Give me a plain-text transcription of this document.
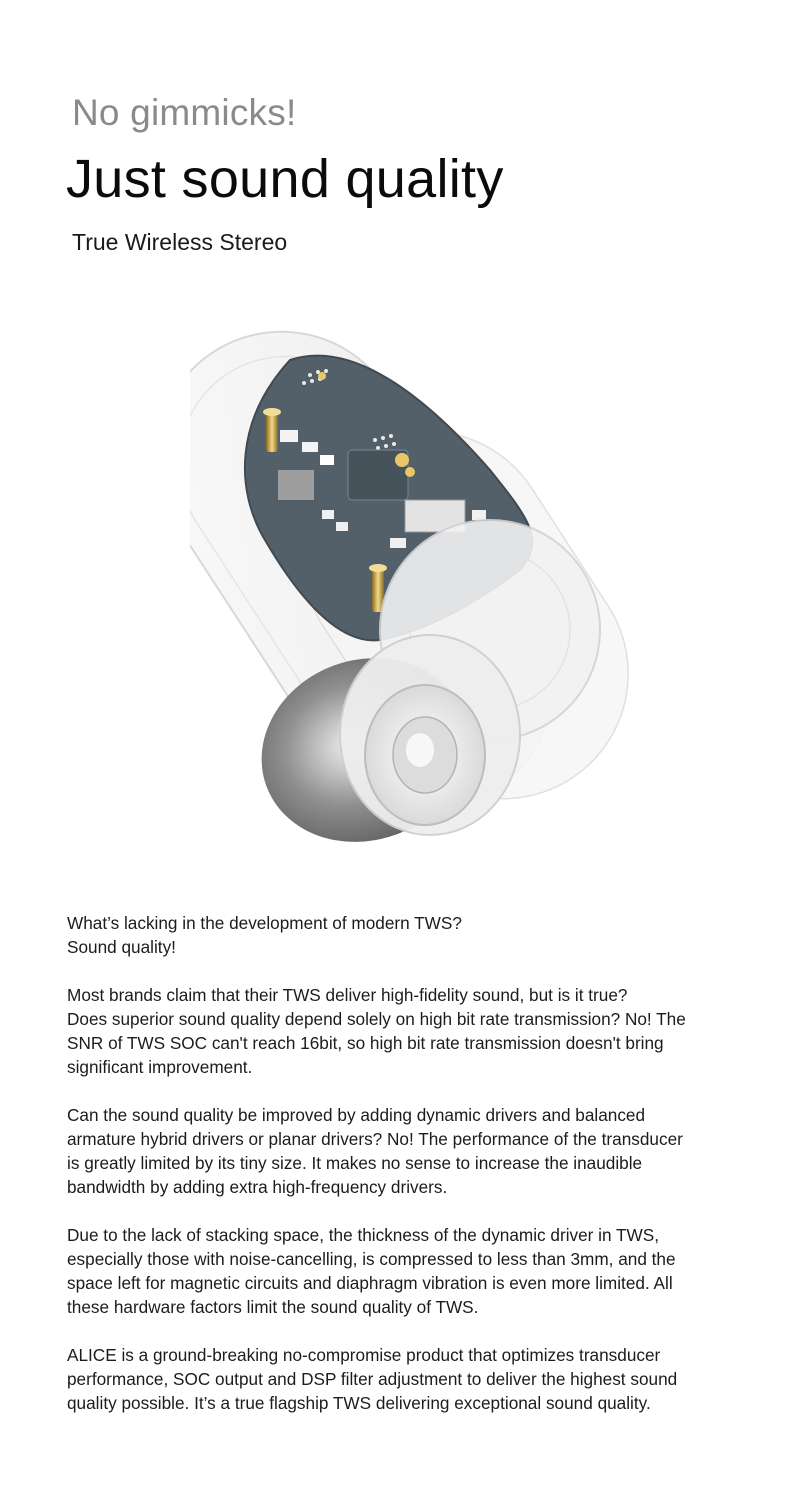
No gimmicks!
Just sound quality
True Wireless Stereo

What’s lacking in the development of modern TWS?
Sound quality!

Most brands claim that their TWS deliver high-fidelity sound, but is it true?
Does superior sound quality depend solely on high bit rate transmission? No! The
SNR of TWS SOC can't reach 16bit, so high bit rate transmission doesn't bring
significant improvement.

Can the sound quality be improved by adding dynamic drivers and balanced
armature hybrid drivers or planar drivers? No! The performance of the transducer
is greatly limited by its tiny size. It makes no sense to increase the inaudible
bandwidth by adding extra high-frequency drivers.

Due to the lack of stacking space, the thickness of the dynamic driver in TWS,
especially those with noise-cancelling, is compressed to less than 3mm, and the
space left for magnetic circuits and diaphragm vibration is even more limited. All
these hardware factors limit the sound quality of TWS.

ALICE is a ground-breaking no-compromise product that optimizes transducer
performance, SOC output and DSP filter adjustment to deliver the highest sound
quality possible. It’s a true flagship TWS delivering exceptional sound quality.
